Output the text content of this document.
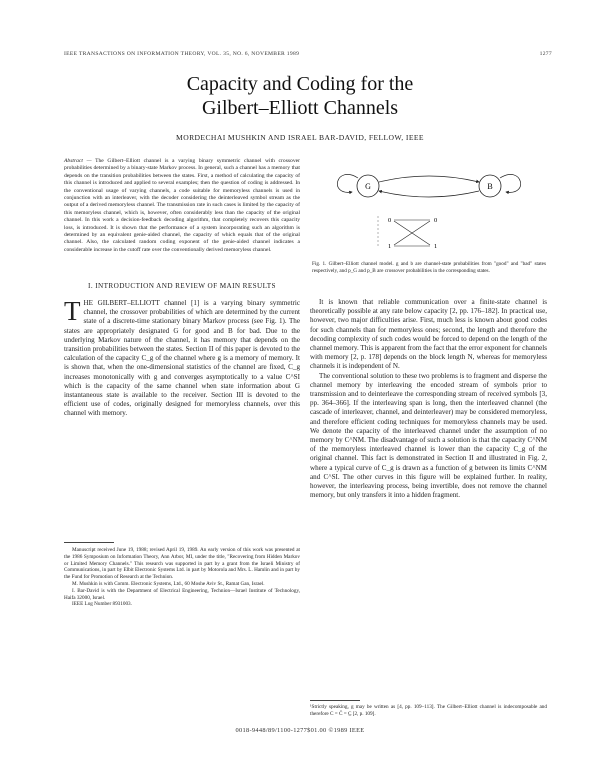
IEEE TRANSACTIONS ON INFORMATION THEORY, VOL. 35, NO. 6, NOVEMBER 1989	1277
Capacity and Coding for the
Gilbert–Elliott Channels
MORDECHAI MUSHKIN AND ISRAEL BAR-DAVID, FELLOW, IEEE
Abstract — The Gilbert–Elliott channel is a varying binary symmetric channel with crossover probabilities determined by a binary-state Markov process. In general, such a channel has a memory that depends on the transition probabilities between the states. First, a method of calculating the capacity of this channel is introduced and applied to several examples; then the question of coding is addressed. In the conventional usage of varying channels, a code suitable for memoryless channels is used in conjunction with an interleaver, with the decoder considering the deinterleaved symbol stream as the output of a derived memoryless channel. The transmission rate in such cases is limited by the capacity of this memoryless channel, which is, however, often considerably less than the capacity of the original channel. In this work a decision-feedback decoding algorithm, that completely recovers this capacity loss, is introduced. It is shown that the performance of a system incorporating such an algorithm is determined by an equivalent genie-aided channel, the capacity of which equals that of the original channel. Also, the calculated random coding exponent of the genie-aided channel indicates a considerable increase in the cutoff rate over the conventionally derived memoryless channel.
I. INTRODUCTION AND REVIEW OF MAIN RESULTS
T HE GILBERT–ELLIOTT channel [1] is a varying binary symmetric channel, the crossover probabilities of which are determined by the current state of a discrete-time stationary binary Markov process (see Fig. 1). The states are appropriately designated G for good and B for bad. Due to the underlying Markov nature of the channel, it has memory that depends on the transition probabilities between the states. Section II of this paper is devoted to the calculation of the capacity C_g of the channel where g is a memory of memory. It is shown that, when the one-dimensional statistics of the channel are fixed, C_g increases monotonically with g and converges asymptotically to a value C^SI which is the capacity of the same channel when state information about G instantaneous state is available to the receiver. Section III is devoted to the efficient use of codes, originally designed for memoryless channels, over this channel with memory.

Manuscript received June 19, 1988; revised April 19, 1989. An early version of this work was presented at the 1986 Symposium on Information Theory, Ann Arbor, MI, under the title, "Recovering from Hidden Markov or Limited Memory Channels." This research was supported in part by a grant from the Israeli Ministry of Communications, in part by Elbit Electronic Systems Ltd. in part by Motorola and Mrs. L. Hamlin and in part by the Fund for Promotion of Research at the Technion.

M. Mushkin is with Comm. Electronic Systems, Ltd., 60 Moshe Aviv St., Ramat Gan, Israel.

I. Bar-David is with the Department of Electrical Engineering, Technion—Israel Institute of Technology, Haifa 32000, Israel.

IEEE Log Number 8931003.

G	B
0
1
0
1
Fig. 1. Gilbert–Elliott channel model. g and b are channel-state probabilities from "good" and "bad" states respectively, and p_G and p_B are crossover probabilities in the corresponding states.

It is known that reliable communication over a finite-state channel is theoretically possible at any rate below capacity [2, pp. 176–182]. In practical use, however, two major difficulties arise. First, much less is known about good codes for such channels than for memoryless ones; second, the length and therefore the decoding complexity of such codes would be forced to depend on the length of the channel memory. This is apparent from the fact that the error exponent for channels with memory [2, p. 178] depends on the block length N, whereas for memoryless channels it is independent of N.

The conventional solution to these two problems is to fragment and disperse the channel memory by interleaving the encoded stream of symbols prior to transmission and to deinterleave the corresponding stream of received symbols [3, pp. 364–366]. If the interleaving span is long, then the interleaved channel (the cascade of interleaver, channel, and deinterleaver) may be considered memoryless, and therefore efficient coding techniques for memoryless channels may be used. We denote the capacity of the interleaved channel under the assumption of no memory by C^NM. The disadvantage of such a solution is that the capacity C^NM of the memoryless interleaved channel is lower than the capacity C_g of the original channel. This fact is demonstrated in Section II and illustrated in Fig. 2, where a typical curve of C_g is drawn as a function of g between its limits C^NM and C^SI. The other curves in this figure will be explained further. In reality, however, the interleaving process, being invertible, does not remove the channel memory, but only transfers it into a hidden fragment.

¹Strictly speaking, g may be written as [4, pp. 109–113]. The Gilbert–Elliott channel is indecomposable and therefore C = C̄ = C̲ [2, p. 109].
0018-9448/89/1100-1277$01.00 ©1989 IEEE
